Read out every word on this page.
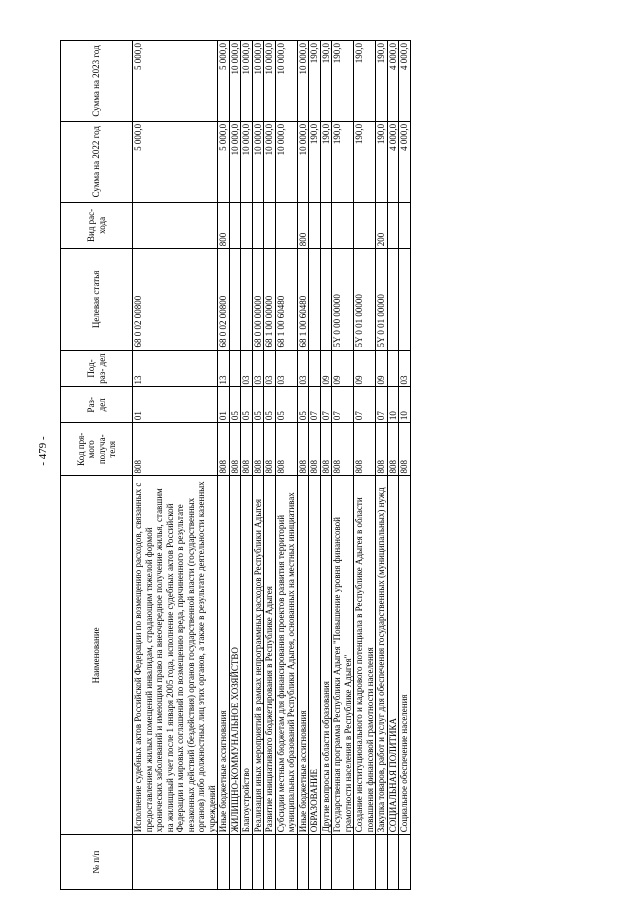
- 479 -
№ п/п	Наименование	Код пря- мого получа- теля	Раз- дел	Под- раз- дел	Целевая статья	Вид рас- хода	Сумма на 2022 год	Сумма на 2023 год
	Исполнение судебных актов Российской Федерации по возмещению расходов, связанных с предоставлением жилых помещений инвалидам, страдающим тяжелой формой хронических заболеваний и имеющим право на внеочередное получение жилья, ставшим на жилищный учет после 1 января 2005 года, исполнение судебных актов Российской Федерации и мировых соглашений по возмещению вреда, причиненного в результате незаконных действий (бездействия) органов государственной власти (государственных органов) либо должностных лиц этих органов, а также в результате деятельности казенных учреждений	808	01	13	68 0 02 00800		5 000,0	5 000,0
	Иные бюджетные ассигнования	808	01	13	68 0 02 00800	800	5 000,0	5 000,0
	ЖИЛИЩНО-КОММУНАЛЬНОЕ ХОЗЯЙСТВО	808	05				10 000,0	10 000,0
	Благоустройство	808	05	03			10 000,0	10 000,0
	Реализация иных мероприятий в рамках непрограммных расходов Республики Адыгея	808	05	03	68 0 00 00000		10 000,0	10 000,0
	Развитие инициативного бюджетирования в Республике Адыгея	808	05	03	68 1 00 00000		10 000,0	10 000,0
	Субсидии местным бюджетам для финансирования проектов развития территорий муниципальных образований Республики Адыгея, основанных на местных инициативах	808	05	03	68 1 00 60480		10 000,0	10 000,0
	Иные бюджетные ассигнования	808	05	03	68 1 00 60480	800	10 000,0	10 000,0
	ОБРАЗОВАНИЕ	808	07				190,0	190,0
	Другие вопросы в области образования	808	07	09			190,0	190,0
	Государственная программа Республики Адыгея "Повышение уровня финансовой грамотности населения в Республике Адыгея"	808	07	09	5Y 0 00 00000		190,0	190,0
	Создание институционального и кадрового потенциала в Республике Адыгея в области повышения финансовой грамотности населения	808	07	09	5Y 0 01 00000		190,0	190,0
	Закупка товаров, работ и услуг для обеспечения государственных (муниципальных) нужд	808	07	09	5Y 0 01 00000	200	190,0	190,0
	СОЦИАЛЬНАЯ ПОЛИТИКА	808	10				4 000,0	4 000,0
	Социальное обеспечение населения	808	10	03			4 000,0	4 000,0
